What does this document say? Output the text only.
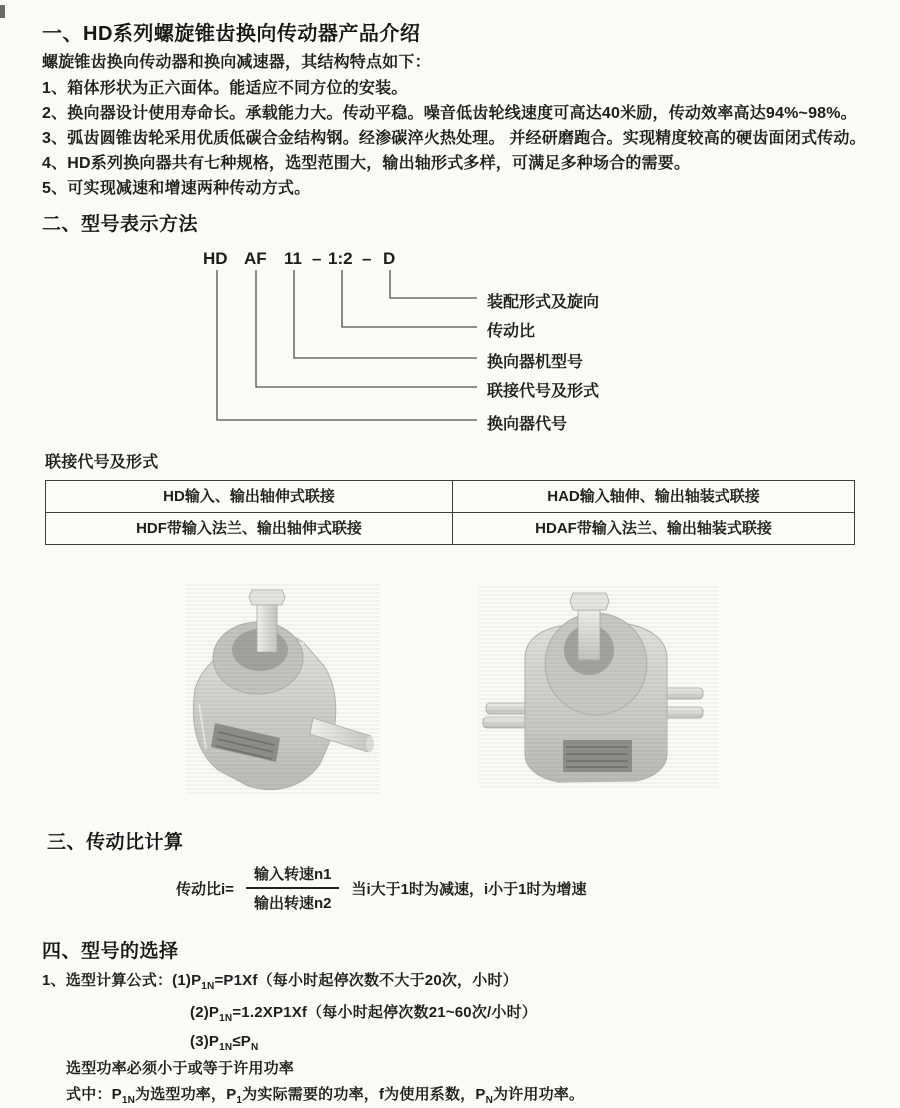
一、HD系列螺旋锥齿换向传动器产品介绍
螺旋锥齿换向传动器和换向减速器，其结构特点如下：
1、箱体形状为正六面体。能适应不同方位的安装。
2、换向器设计使用寿命长。承载能力大。传动平稳。噪音低齿轮线速度可高达40米励，传动效率高达94%~98%。
3、弧齿圆锥齿轮采用优质低碳合金结构钢。经渗碳淬火热处理。 并经研磨跑合。实现精度较高的硬齿面闭式传动。
4、HD系列换向器共有七种规格，选型范围大，输出轴形式多样，可满足多种场合的需要。
5、可实现减速和增速两种传动方式。
二、型号表示方法
HD AF 11 – 1:2 – D
装配形式及旋向
传动比
换向器机型号
联接代号及形式
换向器代号
联接代号及形式
HD输入、输出轴伸式联接	HAD输入轴伸、输出轴装式联接
HDF带输入法兰、输出轴伸式联接	HDAF带输入法兰、输出轴装式联接
三、传动比计算
传动比$i= \frac{\text{输入转速n1}}{\text{输出转速n2}}$ 当i大于1时为减速，i小于1时为增速
四、型号的选择
1、选型计算公式：$(1)P_{1N}=P1Xf$（每小时起停次数不大于20次，小时）
$(2)P_{1N}=1.2XP1Xf$（每小时起停次数21~60次/小时）
$(3)P_{1N}\le P_N$
选型功率必须小于或等于许用功率
式中：$P_{1N}$为选型功率，$P_1$为实际需要的功率，f为使用系数，$P_N$为许用功率。
